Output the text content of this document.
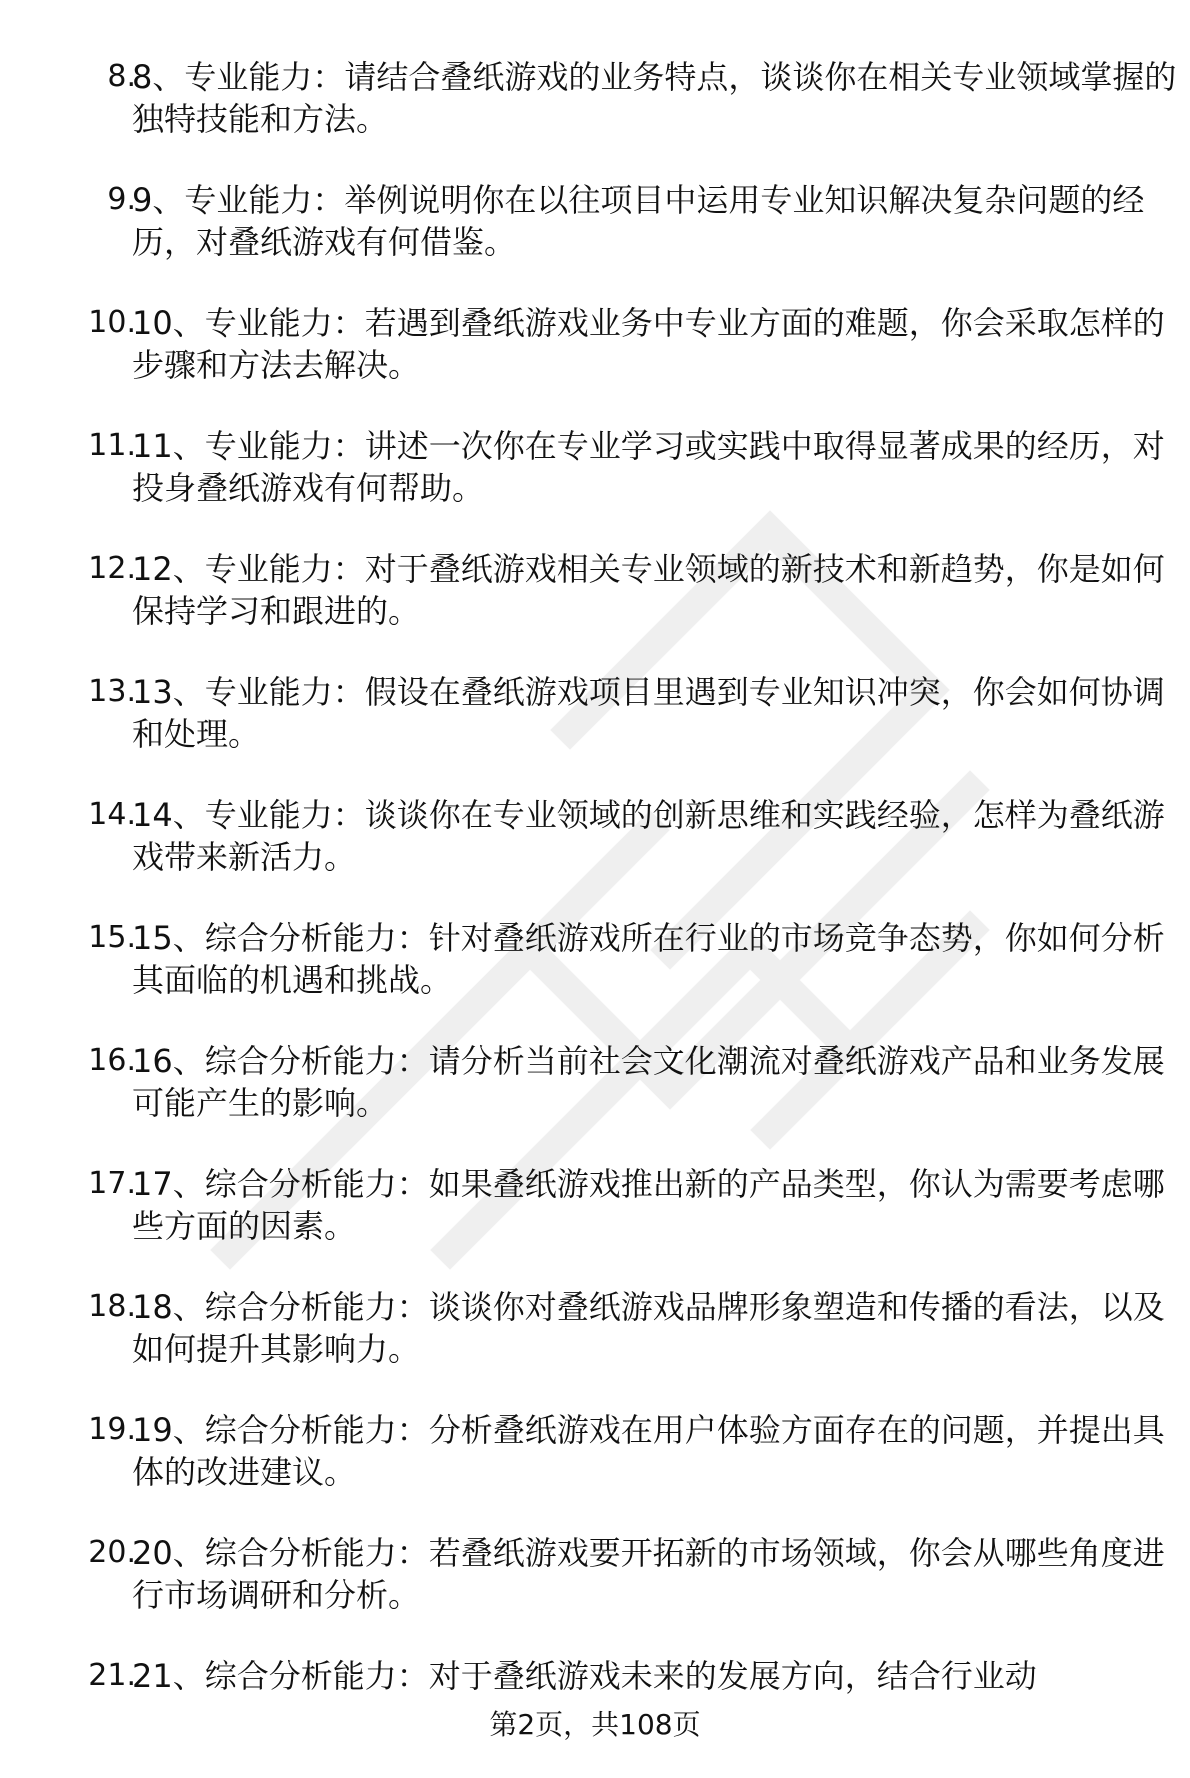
8.
8、专业能力：请结合叠纸游戏的业务特点，谈谈你在相关专业领域掌握的独特技能和方法。
9.
9、专业能力：举例说明你在以往项目中运用专业知识解决复杂问题的经历，对叠纸游戏有何借鉴。
10.
10、专业能力：若遇到叠纸游戏业务中专业方面的难题，你会采取怎样的步骤和方法去解决。
11.
11、专业能力：讲述一次你在专业学习或实践中取得显著成果的经历，对投身叠纸游戏有何帮助。
12.
12、专业能力：对于叠纸游戏相关专业领域的新技术和新趋势，你是如何保持学习和跟进的。
13.
13、专业能力：假设在叠纸游戏项目里遇到专业知识冲突，你会如何协调和处理。
14.
14、专业能力：谈谈你在专业领域的创新思维和实践经验，怎样为叠纸游戏带来新活力。
15.
15、综合分析能力：针对叠纸游戏所在行业的市场竞争态势，你如何分析其面临的机遇和挑战。
16.
16、综合分析能力：请分析当前社会文化潮流对叠纸游戏产品和业务发展可能产生的影响。
17.
17、综合分析能力：如果叠纸游戏推出新的产品类型，你认为需要考虑哪些方面的因素。
18.
18、综合分析能力：谈谈你对叠纸游戏品牌形象塑造和传播的看法，以及如何提升其影响力。
19.
19、综合分析能力：分析叠纸游戏在用户体验方面存在的问题，并提出具体的改进建议。
20.
20、综合分析能力：若叠纸游戏要开拓新的市场领域，你会从哪些角度进行市场调研和分析。
21.
21、综合分析能力：对于叠纸游戏未来的发展方向，结合行业动
第2页，共108页
